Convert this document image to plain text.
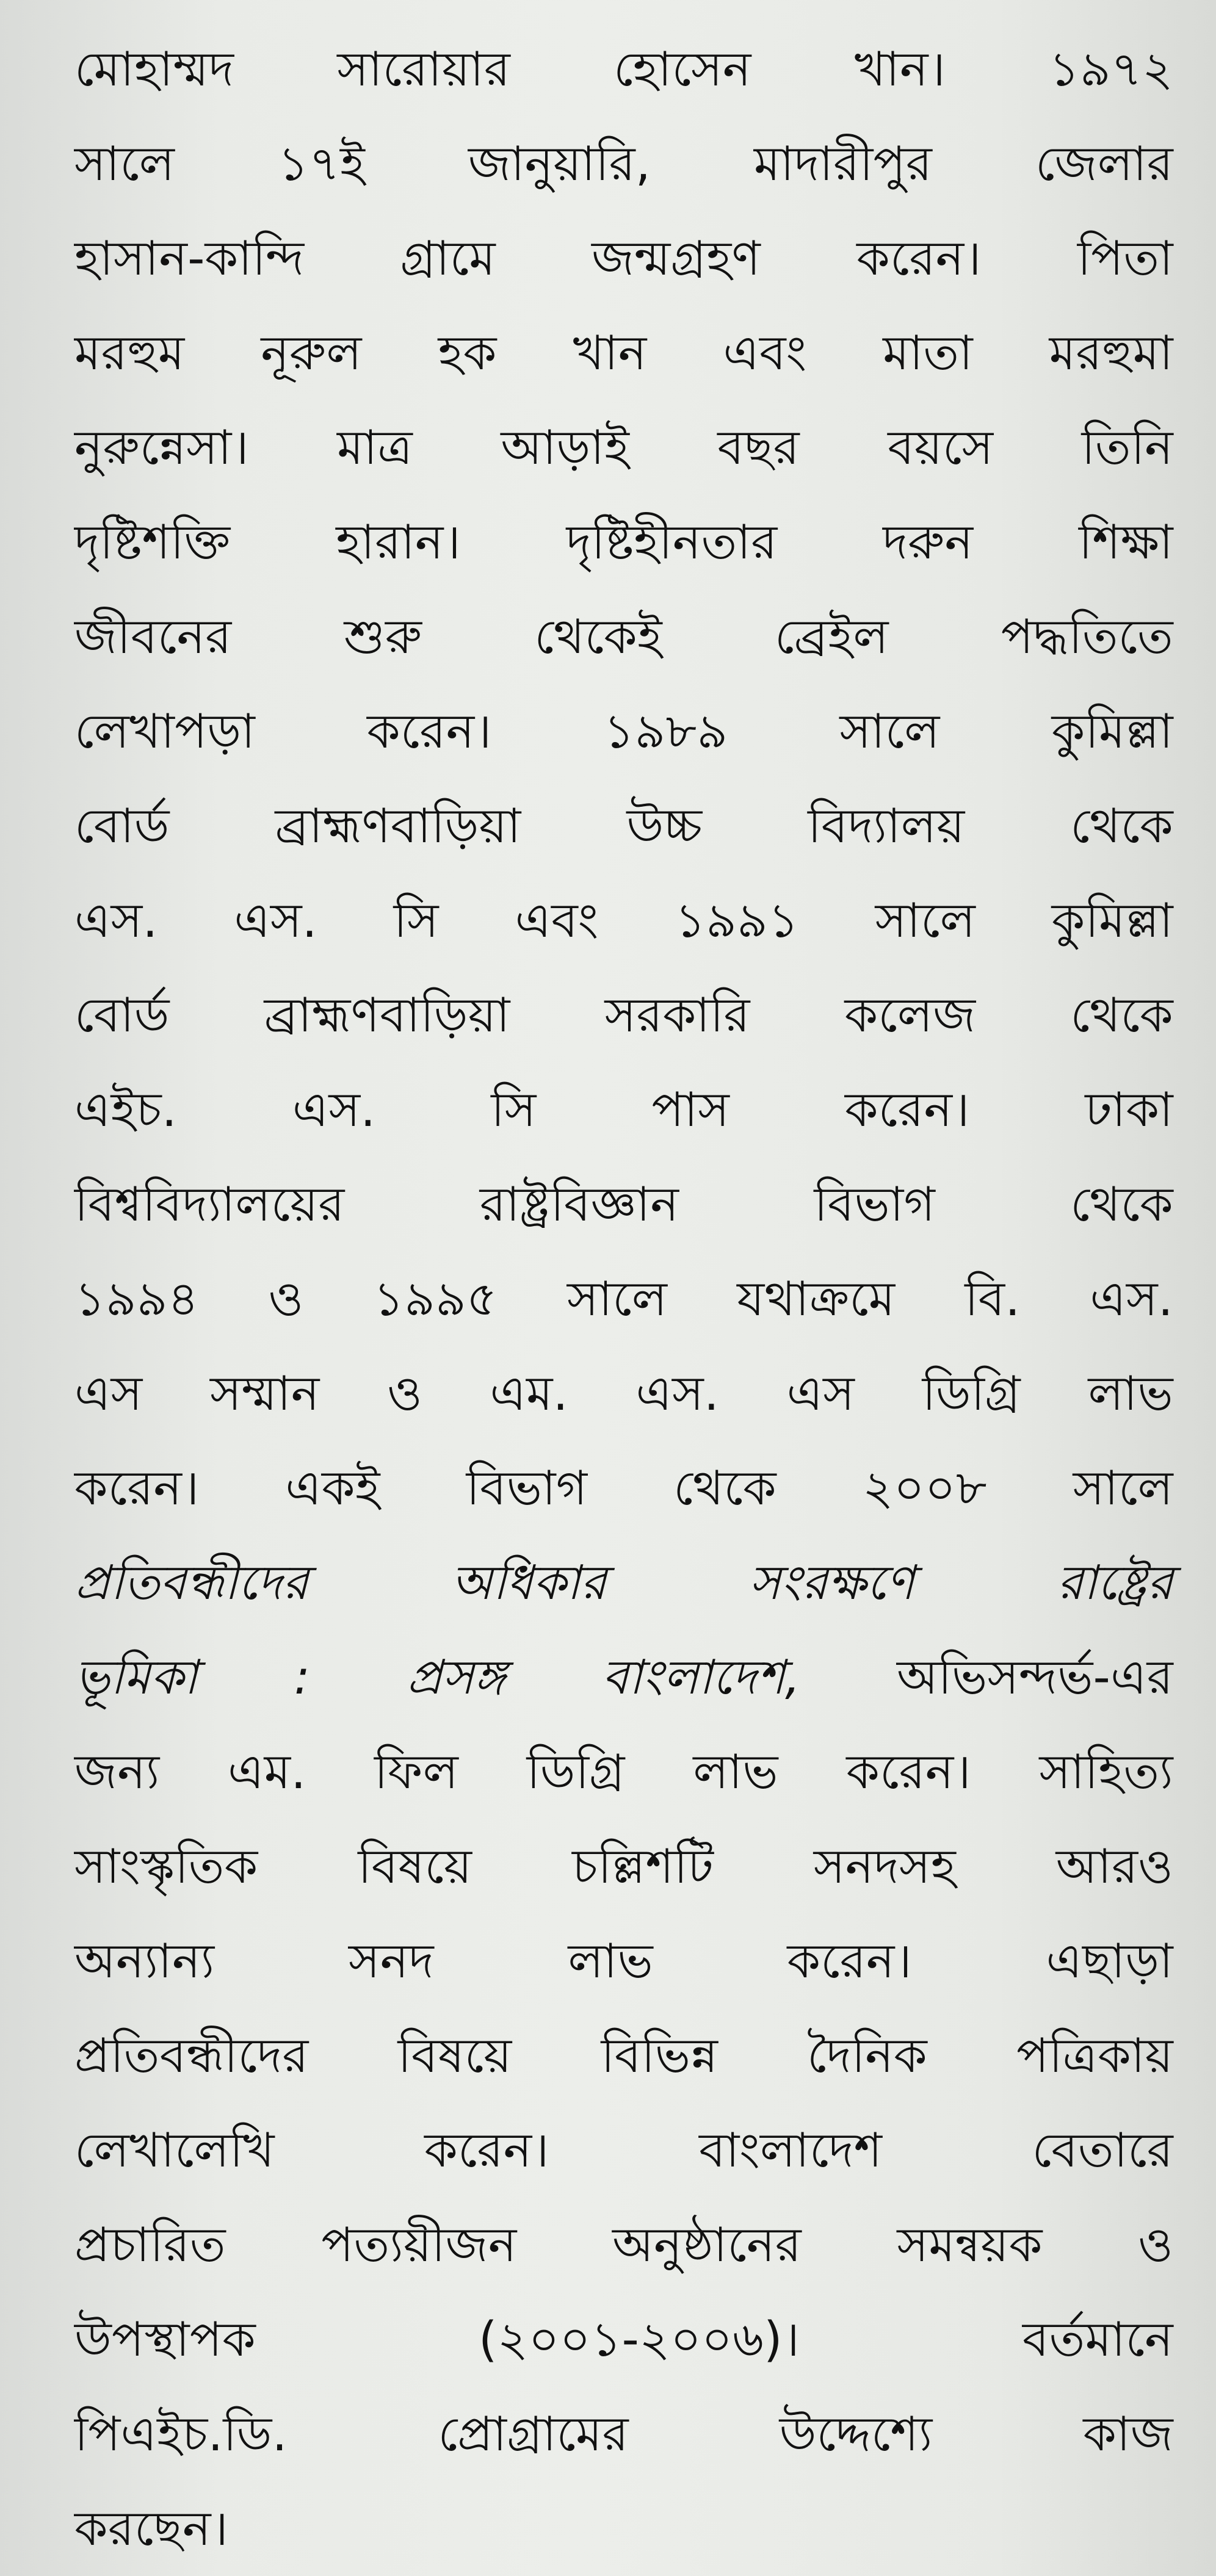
মোহাম্মদ সারোয়ার হোসেন খান। ১৯৭২
সালে ১৭ই জানুয়ারি, মাদারীপুর জেলার
হাসান-কান্দি গ্রামে জন্মগ্রহণ করেন। পিতা
মরহুম নূরুল হক খান এবং মাতা মরহুমা
নুরুন্নেসা। মাত্র আড়াই বছর বয়সে তিনি
দৃষ্টিশক্তি হারান। দৃষ্টিহীনতার দরুন শিক্ষা
জীবনের শুরু থেকেই ব্রেইল পদ্ধতিতে
লেখাপড়া করেন। ১৯৮৯ সালে কুমিল্লা
বোর্ড ব্রাহ্মণবাড়িয়া উচ্চ বিদ্যালয় থেকে
এস. এস. সি এবং ১৯৯১ সালে কুমিল্লা
বোর্ড ব্রাহ্মণবাড়িয়া সরকারি কলেজ থেকে
এইচ. এস. সি পাস করেন। ঢাকা
বিশ্ববিদ্যালয়ের	রাষ্ট্রবিজ্ঞান	বিভাগ	থেকে
১৯৯৪ ও ১৯৯৫ সালে যথাক্রমে বি. এস.
এস সম্মান ও এম. এস. এস ডিগ্রি লাভ
করেন। একই বিভাগ থেকে ২০০৮ সালে
প্রতিবন্ধীদের	অধিকার	সংরক্ষণে	রাষ্ট্রের
ভূমিকা : প্রসঙ্গ বাংলাদেশ, অভিসন্দর্ভ-এর
জন্য এম. ফিল ডিগ্রি লাভ করেন। সাহিত্য
সাংস্কৃতিক বিষয়ে চল্লিশটি সনদসহ আরও
অন্যান্য	সনদ	লাভ	করেন।	এছাড়া
প্রতিবন্ধীদের বিষয়ে বিভিন্ন দৈনিক পত্রিকায়
লেখালেখি	করেন।	বাংলাদেশ	বেতারে
প্রচারিত পত্যয়ীজন অনুষ্ঠানের সমন্বয়ক ও
উপস্থাপক	(২০০১-২০০৬)।	বর্তমানে
পিএইচ.ডি.	প্রোগ্রামের	উদ্দেশ্যে	কাজ
করছেন।
